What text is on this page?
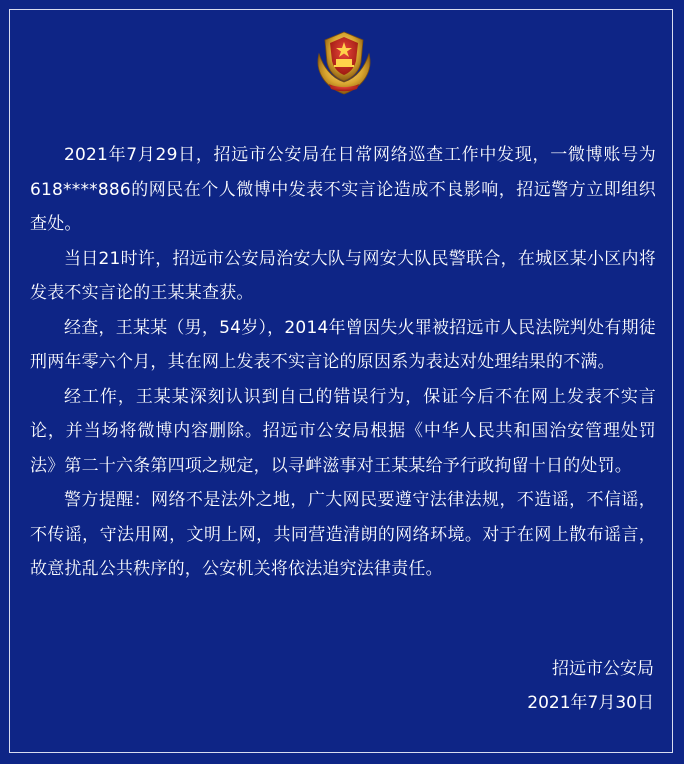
2021年7月29日，招远市公安局在日常网络巡查工作中发现，一微博账号为618****886的网民在个人微博中发表不实言论造成不良影响，招远警方立即组织查处。

当日21时许，招远市公安局治安大队与网安大队民警联合，在城区某小区内将发表不实言论的王某某查获。

经查，王某某（男，54岁），2014年曾因失火罪被招远市人民法院判处有期徒刑两年零六个月，其在网上发表不实言论的原因系为表达对处理结果的不满。

经工作，王某某深刻认识到自己的错误行为，保证今后不在网上发表不实言论，并当场将微博内容删除。招远市公安局根据《中华人民共和国治安管理处罚法》第二十六条第四项之规定，以寻衅滋事对王某某给予行政拘留十日的处罚。

警方提醒：网络不是法外之地，广大网民要遵守法律法规，不造谣，不信谣，不传谣，守法用网，文明上网，共同营造清朗的网络环境。对于在网上散布谣言，故意扰乱公共秩序的，公安机关将依法追究法律责任。

招远市公安局
2021年7月30日
